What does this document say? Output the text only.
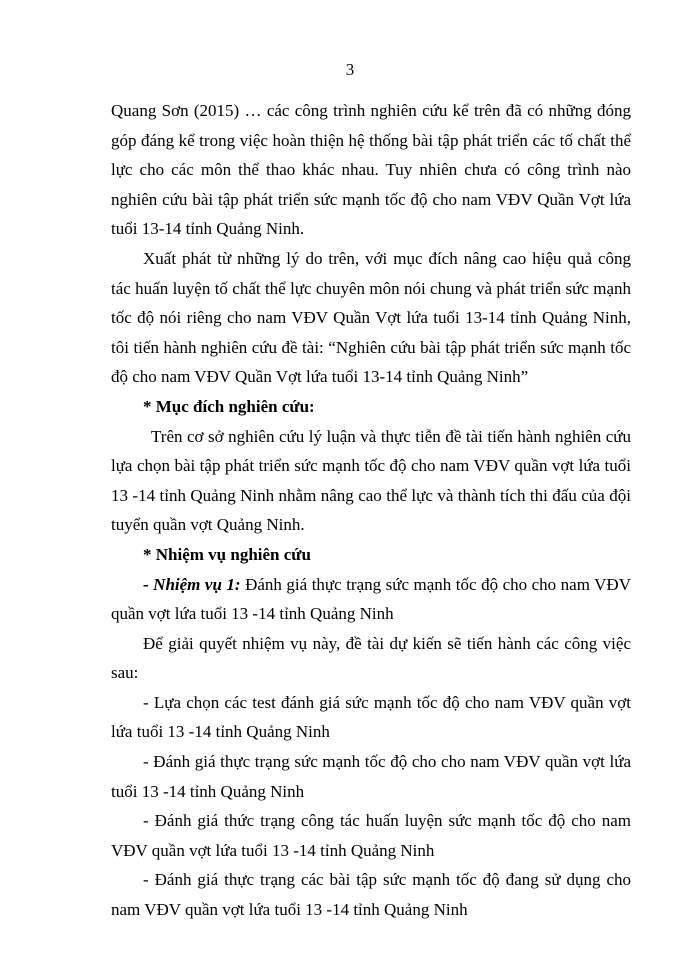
3

Quang Sơn (2015) … các công trình nghiên cứu kể trên đã có những đóng góp đáng kể trong việc hoàn thiện hệ thống bài tập phát triển các tố chất thể lực cho các môn thể thao khác nhau. Tuy nhiên chưa có công trình nào nghiên cứu bài tập phát triển sức mạnh tốc độ cho nam VĐV Quần Vợt lứa tuổi 13-14 tỉnh Quảng Ninh.

Xuất phát từ những lý do trên, với mục đích nâng cao hiệu quả công tác huấn luyện tố chất thể lực chuyên môn nói chung và phát triển sức mạnh tốc độ nói riêng cho nam VĐV Quần Vợt lứa tuổi 13-14 tỉnh Quảng Ninh, tôi tiến hành nghiên cứu đề tài: “Nghiên cứu bài tập phát triển sức mạnh tốc độ cho nam VĐV Quần Vợt lứa tuổi 13-14 tỉnh Quảng Ninh”

* Mục đích nghiên cứu:

Trên cơ sở nghiên cứu lý luận và thực tiễn đề tài tiến hành nghiên cứu lựa chọn bài tập phát triển sức mạnh tốc độ cho nam VĐV quần vợt lứa tuổi 13 -14 tỉnh Quảng Ninh nhằm nâng cao thể lực và thành tích thi đấu của đội tuyển quần vợt Quảng Ninh.

* Nhiệm vụ nghiên cứu

- Nhiệm vụ 1: Đánh giá thực trạng sức mạnh tốc độ cho cho nam VĐV quần vợt lứa tuổi 13 -14 tỉnh Quảng Ninh

Để giải quyết nhiệm vụ này, đề tài dự kiến sẽ tiến hành các công việc sau:

- Lựa chọn các test đánh giá sức mạnh tốc độ cho nam VĐV quần vợt lứa tuổi 13 -14 tỉnh Quảng Ninh

- Đánh giá thực trạng sức mạnh tốc độ cho cho nam VĐV quần vợt lứa tuổi 13 -14 tỉnh Quảng Ninh

- Đánh giá thức trạng công tác huấn luyện sức mạnh tốc độ cho nam VĐV quần vợt lứa tuổi 13 -14 tỉnh Quảng Ninh

- Đánh giá thực trạng các bài tập sức mạnh tốc độ đang sử dụng cho nam VĐV quần vợt lứa tuổi 13 -14 tỉnh Quảng Ninh
